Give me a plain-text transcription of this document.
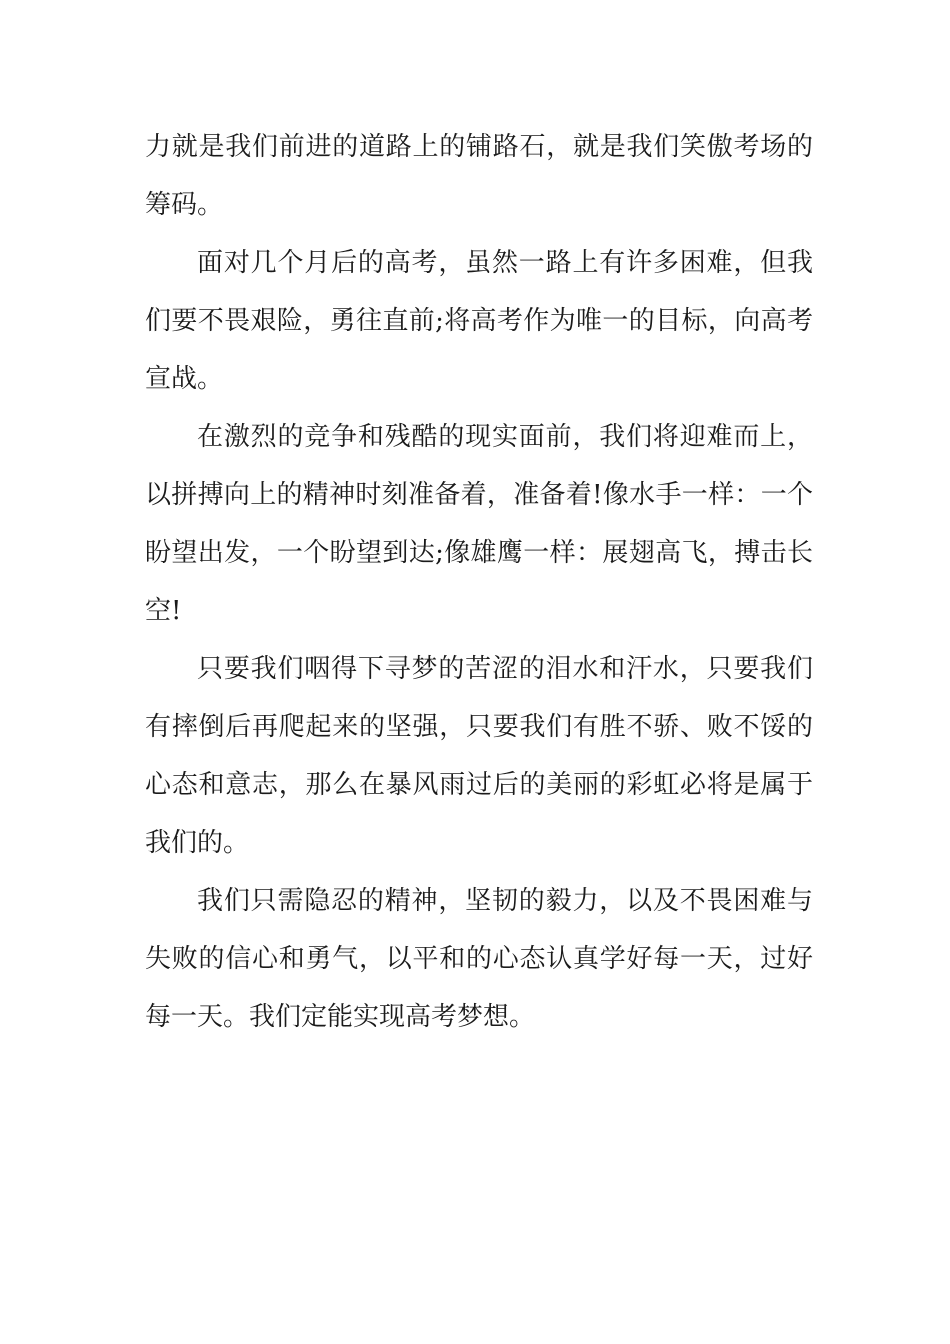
力就是我们前进的道路上的铺路石，就是我们笑傲考场的
筹码。
面对几个月后的高考，虽然一路上有许多困难，但我
们要不畏艰险，勇往直前;将高考作为唯一的目标，向高考
宣战。
在激烈的竞争和残酷的现实面前，我们将迎难而上，
以拼搏向上的精神时刻准备着，准备着!像水手一样：一个
盼望出发，一个盼望到达;像雄鹰一样：展翅高飞，搏击长
空!
只要我们咽得下寻梦的苦涩的泪水和汗水，只要我们
有摔倒后再爬起来的坚强，只要我们有胜不骄、败不馁的
心态和意志，那么在暴风雨过后的美丽的彩虹必将是属于
我们的。
我们只需隐忍的精神，坚韧的毅力，以及不畏困难与
失败的信心和勇气，以平和的心态认真学好每一天，过好
每一天。我们定能实现高考梦想。
